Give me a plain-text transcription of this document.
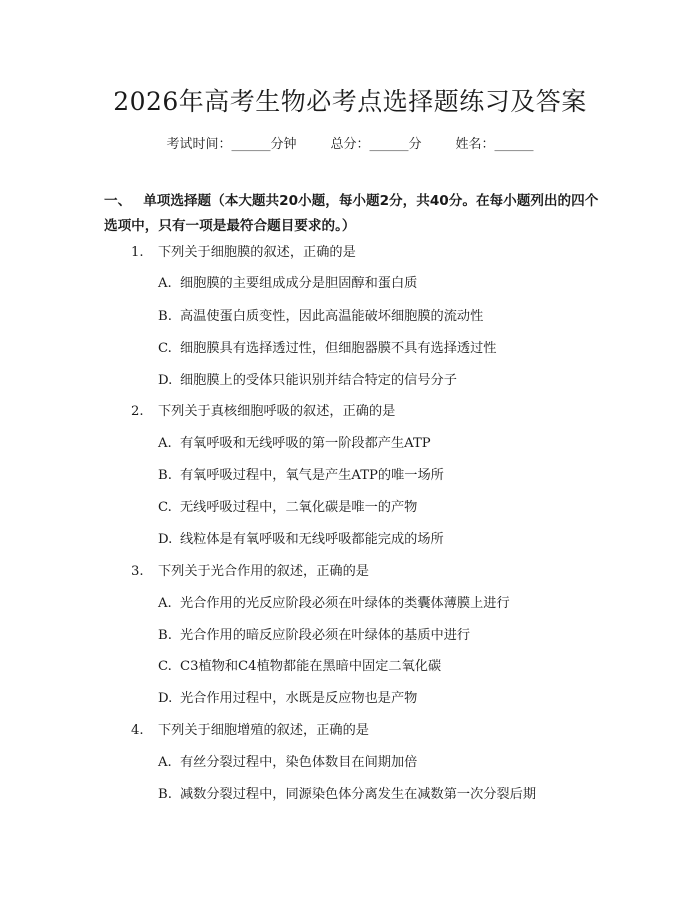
2026年高考生物必考点选择题练习及答案
考试时间：______分钟	总分：______分	姓名：______
一、 单项选择题（本大题共20小题，每小题2分，共40分。在每小题列出的四个选项中，只有一项是最符合题目要求的。）
1. 下列关于细胞膜的叙述，正确的是
A. 细胞膜的主要组成成分是胆固醇和蛋白质
B. 高温使蛋白质变性，因此高温能破坏细胞膜的流动性
C. 细胞膜具有选择透过性，但细胞器膜不具有选择透过性
D. 细胞膜上的受体只能识别并结合特定的信号分子
2. 下列关于真核细胞呼吸的叙述，正确的是
A. 有氧呼吸和无线呼吸的第一阶段都产生ATP
B. 有氧呼吸过程中，氧气是产生ATP的唯一场所
C. 无线呼吸过程中，二氧化碳是唯一的产物
D. 线粒体是有氧呼吸和无线呼吸都能完成的场所
3. 下列关于光合作用的叙述，正确的是
A. 光合作用的光反应阶段必须在叶绿体的类囊体薄膜上进行
B. 光合作用的暗反应阶段必须在叶绿体的基质中进行
C. C3植物和C4植物都能在黑暗中固定二氧化碳
D. 光合作用过程中，水既是反应物也是产物
4. 下列关于细胞增殖的叙述，正确的是
A. 有丝分裂过程中，染色体数目在间期加倍
B. 减数分裂过程中，同源染色体分离发生在减数第一次分裂后期
